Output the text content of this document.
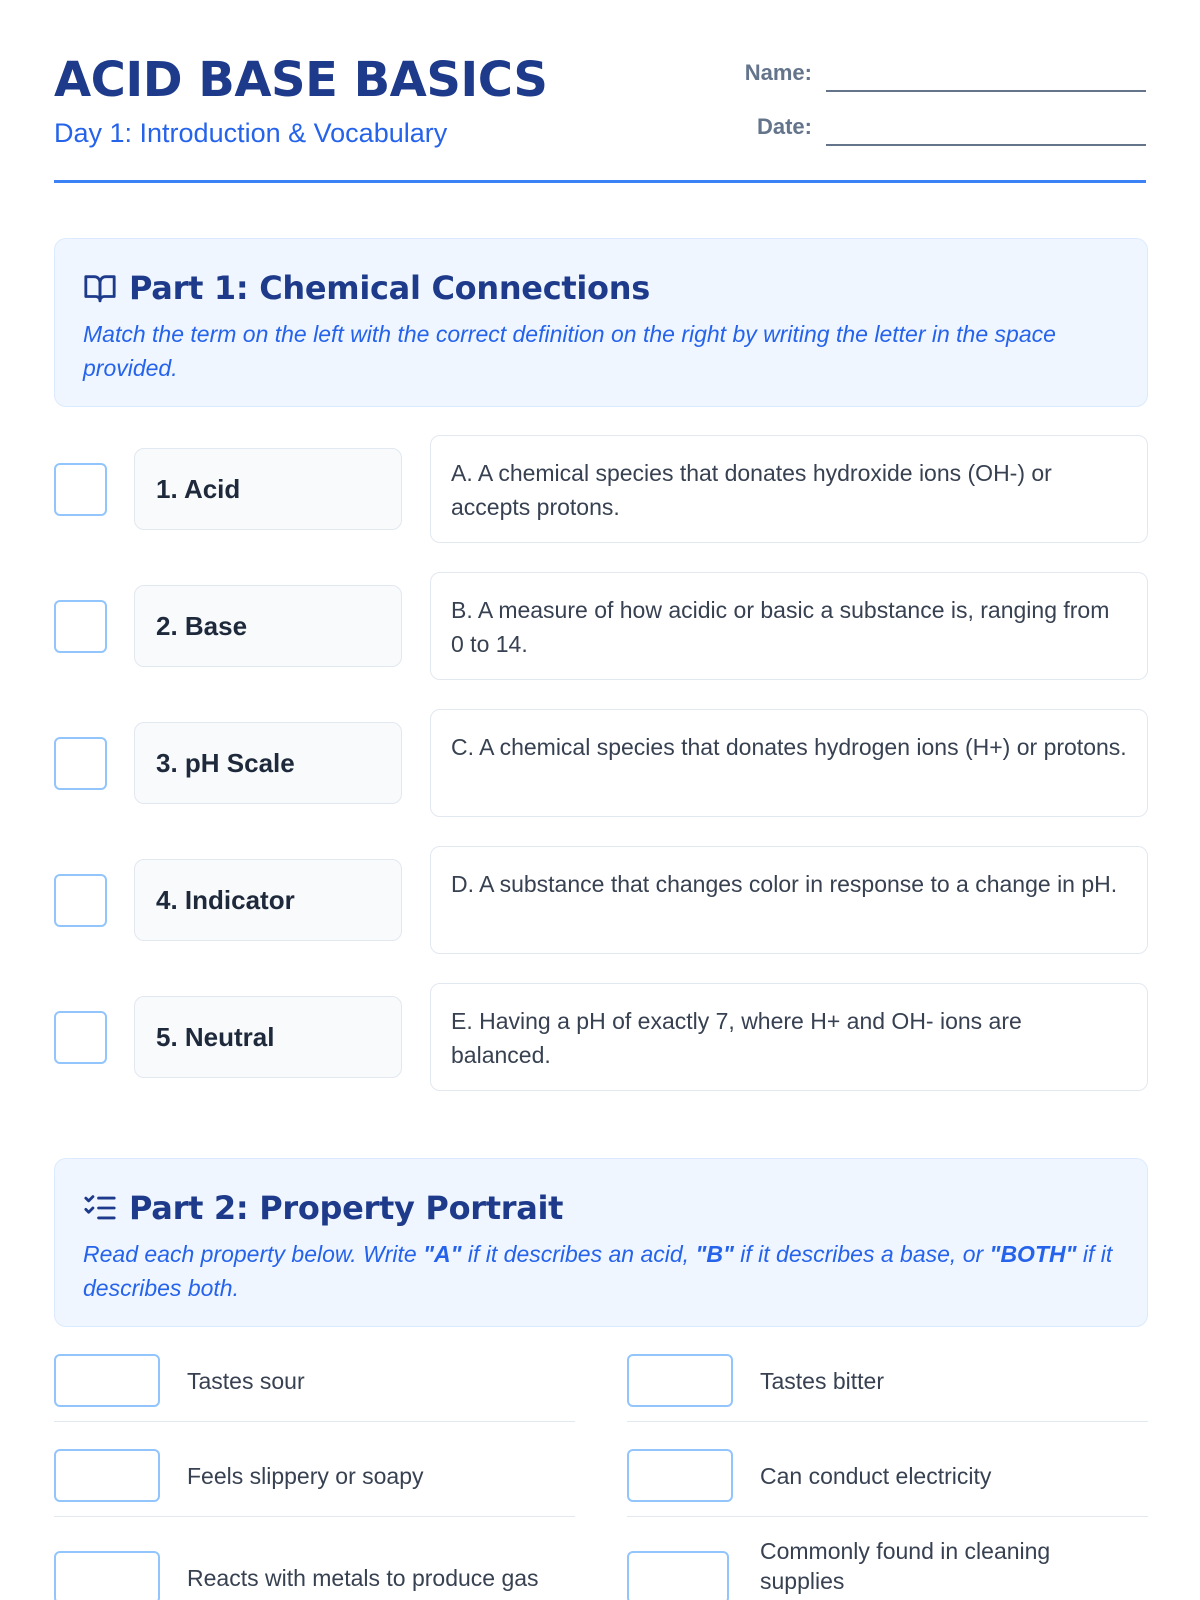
ACID BASE BASICS
Day 1: Introduction & Vocabulary
Name:
Date:
Part 1: Chemical Connections
Match the term on the left with the correct definition on the right by writing the letter in the space provided.
1. Acid
A. A chemical species that donates hydroxide ions (OH-) or accepts protons.
2. Base
B. A measure of how acidic or basic a substance is, ranging from 0 to 14.
3. pH Scale
C. A chemical species that donates hydrogen ions (H+) or protons.
4. Indicator
D. A substance that changes color in response to a change in pH.
5. Neutral
E. Having a pH of exactly 7, where H+ and OH- ions are balanced.
Part 2: Property Portrait
Read each property below. Write "A" if it describes an acid, "B" if it describes a base, or "BOTH" if it describes both.
Tastes sour	Tastes bitter
Feels slippery or soapy	Can conduct electricity
Reacts with metals to produce gas
Commonly found in cleaning supplies
